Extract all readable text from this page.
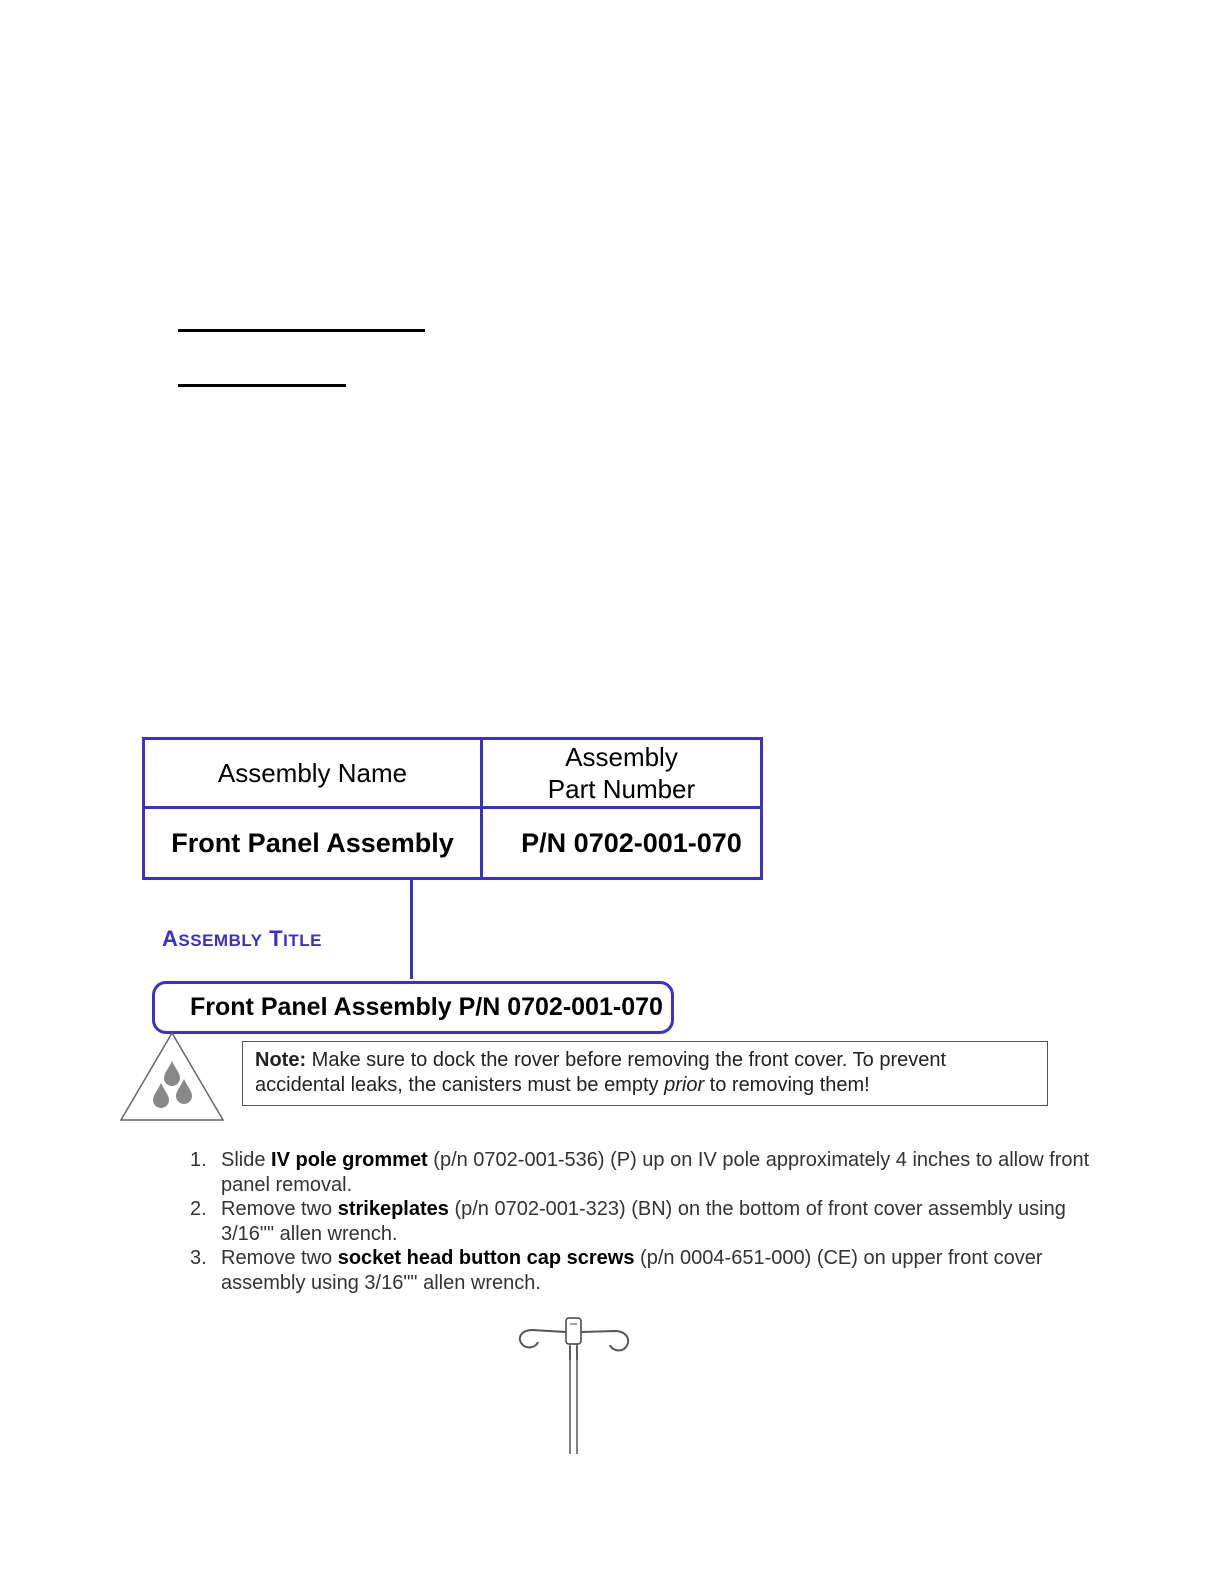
Assembly Name
Assembly
Part Number
Front Panel Assembly P/N 0702-001-070
ASSEMBLY TITLE
Front Panel Assembly P/N 0702-001-070
Note: Make sure to dock the rover before removing the front cover. To prevent accidental leaks, the canisters must be empty prior to removing them!
1. Slide IV pole grommet (p/n 0702-001-536) (P) up on IV pole approximately 4 inches to allow front panel removal.
2. Remove two strikeplates (p/n 0702-001-323) (BN) on the bottom of front cover assembly using 3/16"" allen wrench.
3. Remove two socket head button cap screws (p/n 0004-651-000) (CE) on upper front cover assembly using 3/16"" allen wrench.
